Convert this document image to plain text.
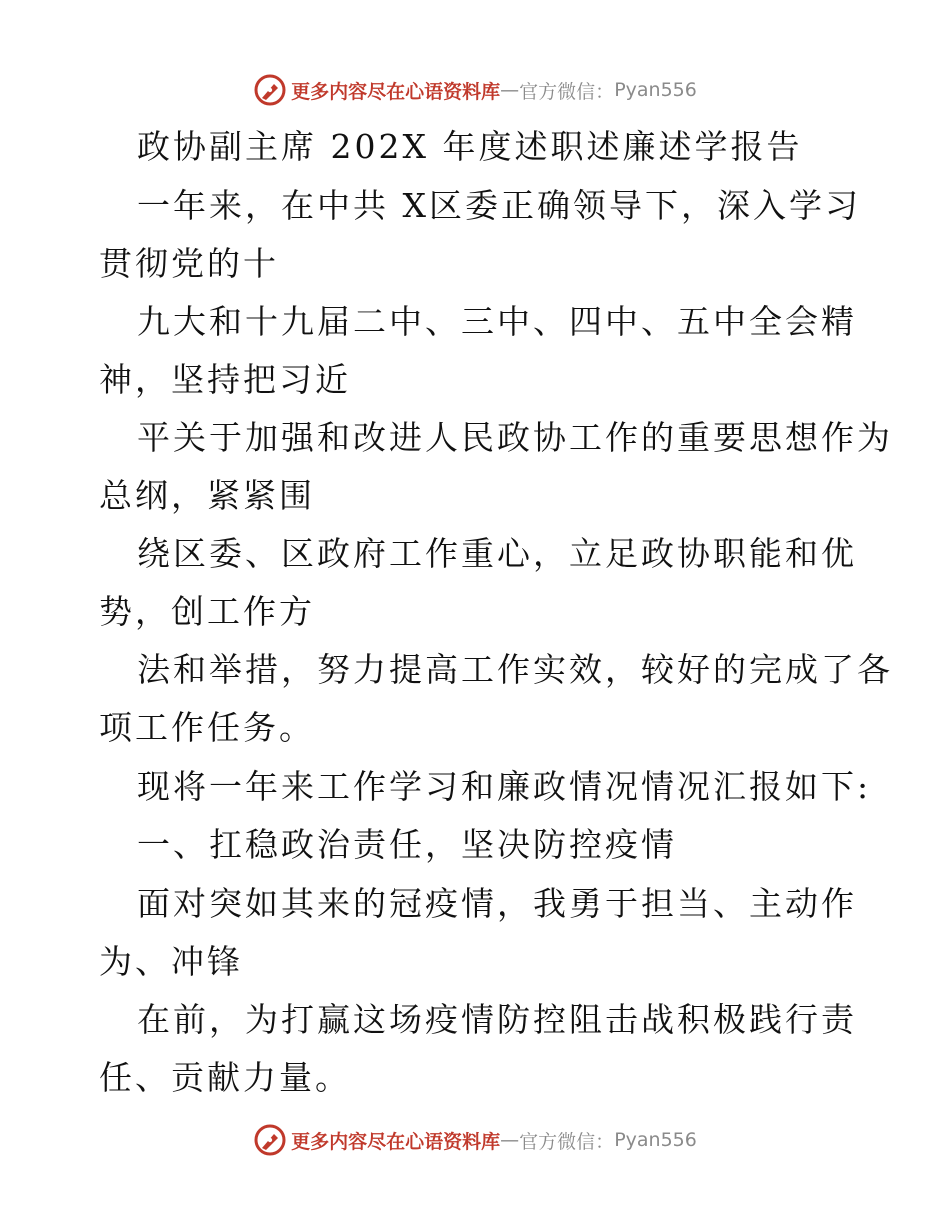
更多内容尽在心语资料库 — 官方微信： Pyan556
政协副主席 202X 年度述职述廉述学报告
一年来，在中共 X区委正确领导下，深入学习
贯彻党的十
九大和十九届二中、三中、四中、五中全会精
神，坚持把习近
平关于加强和改进人民政协工作的重要思想作为
总纲，紧紧围
绕区委、区政府工作重心，立足政协职能和优
势，创工作方
法和举措，努力提高工作实效，较好的完成了各
项工作任务。
现将一年来工作学习和廉政情况情况汇报如下:
一、扛稳政治责任，坚决防控疫情
面对突如其来的冠疫情，我勇于担当、主动作
为、冲锋
在前，为打赢这场疫情防控阻击战积极践行责
任、贡献力量。
更多内容尽在心语资料库 — 官方微信： Pyan556
